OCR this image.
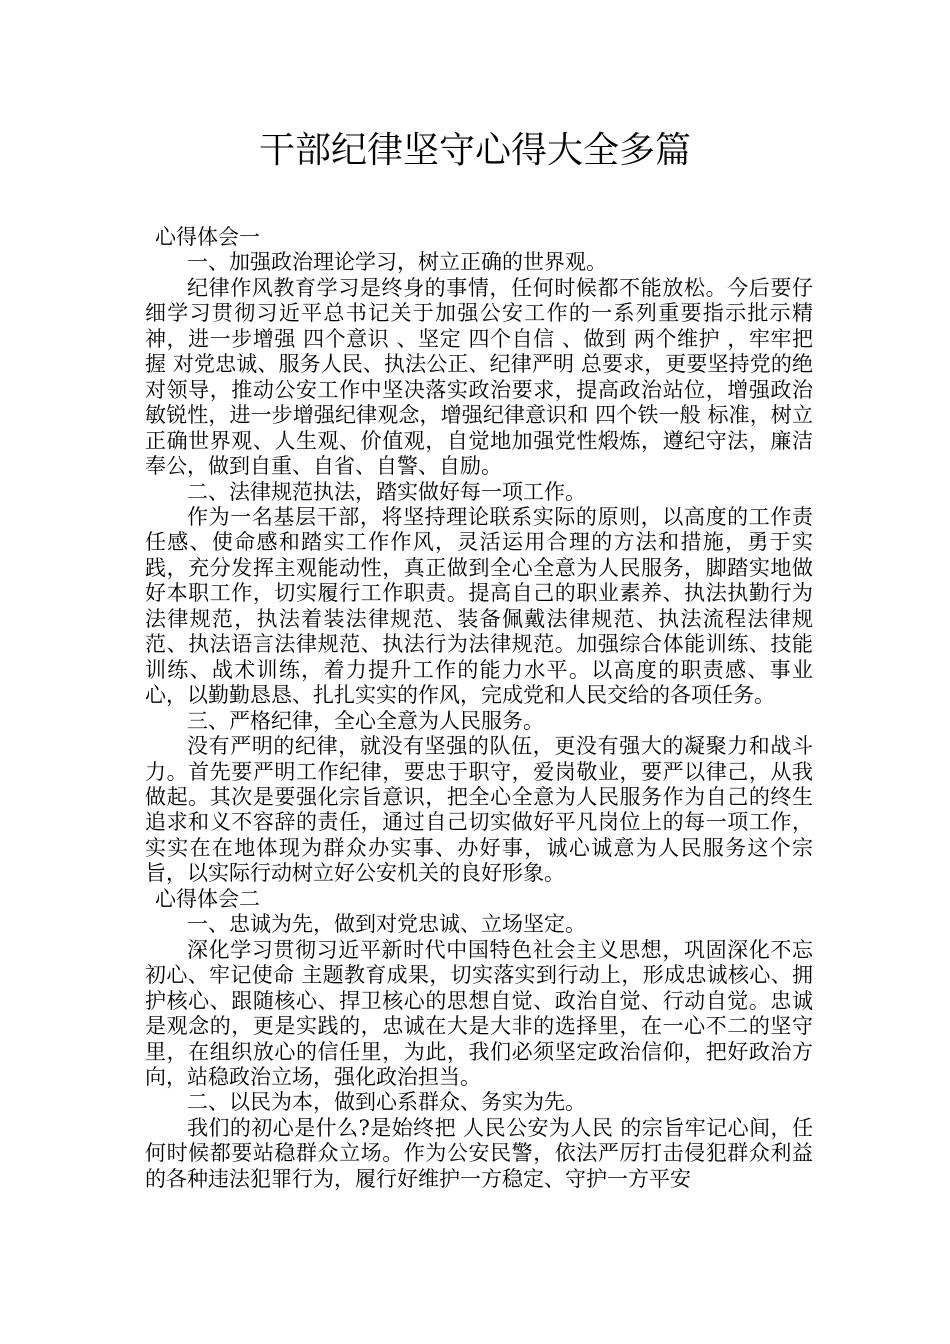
干部纪律坚守心得大全多篇

心得体会一

一、加强政治理论学习，树立正确的世界观。

纪律作风教育学习是终身的事情，任何时候都不能放松。今后要仔细学习贯彻习近平总书记关于加强公安工作的一系列重要指示批示精神，进一步增强 四个意识 、坚定 四个自信 、做到 两个维护 ，牢牢把握 对党忠诚、服务人民、执法公正、纪律严明 总要求，更要坚持党的绝对领导，推动公安工作中坚决落实政治要求，提高政治站位，增强政治敏锐性，进一步增强纪律观念，增强纪律意识和 四个铁一般 标准，树立正确世界观、人生观、价值观，自觉地加强党性煅炼，遵纪守法，廉洁奉公，做到自重、自省、自警、自励。

二、法律规范执法，踏实做好每一项工作。

作为一名基层干部，将坚持理论联系实际的原则，以高度的工作责任感、使命感和踏实工作作风，灵活运用合理的方法和措施，勇于实践，充分发挥主观能动性，真正做到全心全意为人民服务，脚踏实地做好本职工作，切实履行工作职责。提高自己的职业素养、执法执勤行为法律规范，执法着装法律规范、装备佩戴法律规范、执法流程法律规范、执法语言法律规范、执法行为法律规范。加强综合体能训练、技能训练、战术训练，着力提升工作的能力水平。以高度的职责感、事业心，以勤勤恳恳、扎扎实实的作风，完成党和人民交给的各项任务。

三、严格纪律，全心全意为人民服务。

没有严明的纪律，就没有坚强的队伍，更没有强大的凝聚力和战斗力。首先要严明工作纪律，要忠于职守，爱岗敬业，要严以律己，从我做起。其次是要强化宗旨意识，把全心全意为人民服务作为自己的终生追求和义不容辞的责任，通过自己切实做好平凡岗位上的每一项工作，实实在在地体现为群众办实事、办好事，诚心诚意为人民服务这个宗旨，以实际行动树立好公安机关的良好形象。

心得体会二

一、忠诚为先，做到对党忠诚、立场坚定。

深化学习贯彻习近平新时代中国特色社会主义思想，巩固深化不忘初心、牢记使命 主题教育成果，切实落实到行动上，形成忠诚核心、拥护核心、跟随核心、捍卫核心的思想自觉、政治自觉、行动自觉。忠诚是观念的，更是实践的，忠诚在大是大非的选择里，在一心不二的坚守里，在组织放心的信任里，为此，我们必须坚定政治信仰，把好政治方向，站稳政治立场，强化政治担当。

二、以民为本，做到心系群众、务实为先。

我们的初心是什么?是始终把 人民公安为人民 的宗旨牢记心间，任何时候都要站稳群众立场。作为公安民警，依法严厉打击侵犯群众利益的各种违法犯罪行为，履行好维护一方稳定、守护一方平安
